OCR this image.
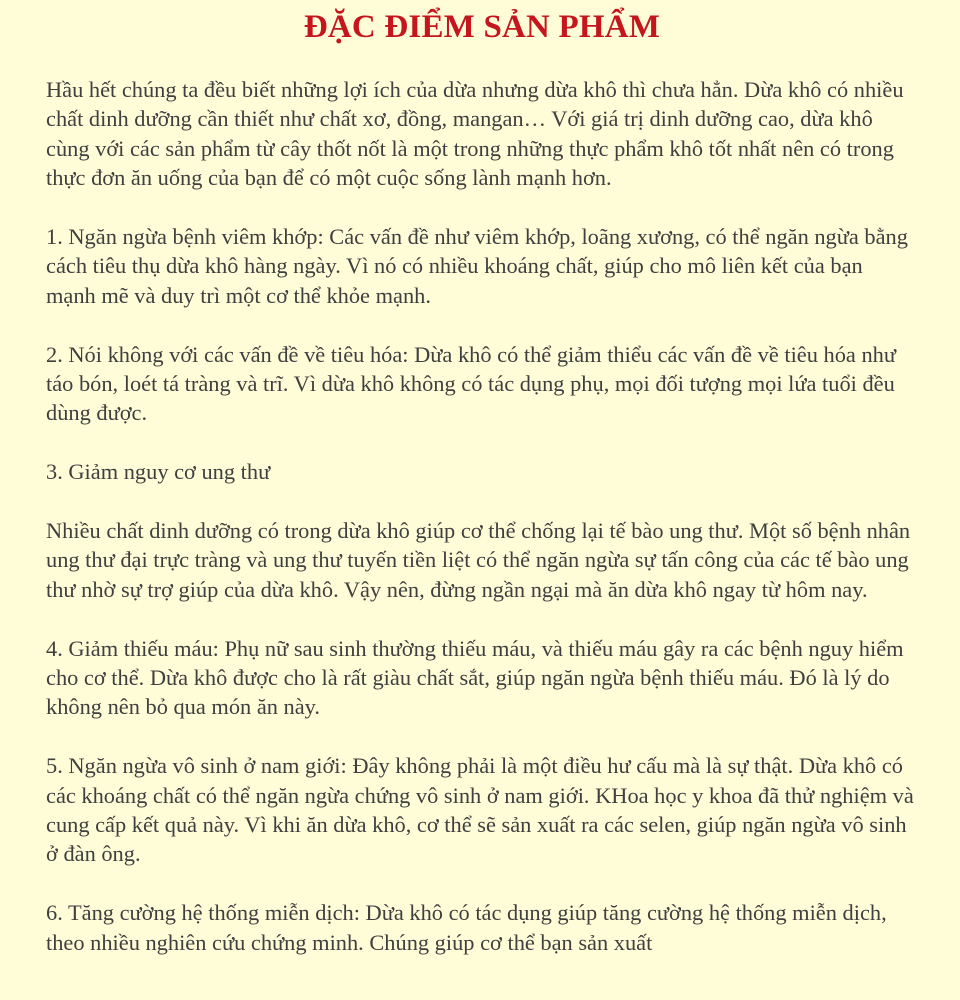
ĐẶC ĐIỂM SẢN PHẨM

Hầu hết chúng ta đều biết những lợi ích của dừa nhưng dừa khô thì chưa hẳn. Dừa khô có nhiều chất dinh dưỡng cần thiết như chất xơ, đồng, mangan… Với giá trị dinh dưỡng cao, dừa khô cùng với các sản phẩm từ cây thốt nốt là một trong những thực phẩm khô tốt nhất nên có trong thực đơn ăn uống của bạn để có một cuộc sống lành mạnh hơn.

1. Ngăn ngừa bệnh viêm khớp: Các vấn đề như viêm khớp, loãng xương, có thể ngăn ngừa bằng cách tiêu thụ dừa khô hàng ngày. Vì nó có nhiều khoáng chất, giúp cho mô liên kết của bạn mạnh mẽ và duy trì một cơ thể khỏe mạnh.

2. Nói không với các vấn đề về tiêu hóa: Dừa khô có thể giảm thiểu các vấn đề về tiêu hóa như táo bón, loét tá tràng và trĩ. Vì dừa khô không có tác dụng phụ, mọi đối tượng mọi lứa tuổi đều dùng được.

3. Giảm nguy cơ ung thư

Nhiều chất dinh dưỡng có trong dừa khô giúp cơ thể chống lại tế bào ung thư. Một số bệnh nhân ung thư đại trực tràng và ung thư tuyến tiền liệt có thể ngăn ngừa sự tấn công của các tế bào ung thư nhờ sự trợ giúp của dừa khô. Vậy nên, đừng ngần ngại mà ăn dừa khô ngay từ hôm nay.

4. Giảm thiếu máu: Phụ nữ sau sinh thường thiếu máu, và thiếu máu gây ra các bệnh nguy hiểm cho cơ thể. Dừa khô được cho là rất giàu chất sắt, giúp ngăn ngừa bệnh thiếu máu. Đó là lý do không nên bỏ qua món ăn này.

5. Ngăn ngừa vô sinh ở nam giới: Đây không phải là một điều hư cấu mà là sự thật. Dừa khô có các khoáng chất có thể ngăn ngừa chứng vô sinh ở nam giới. KHoa học y khoa đã thử nghiệm và cung cấp kết quả này. Vì khi ăn dừa khô, cơ thể sẽ sản xuất ra các selen, giúp ngăn ngừa vô sinh ở đàn ông.

6. Tăng cường hệ thống miễn dịch: Dừa khô có tác dụng giúp tăng cường hệ thống miễn dịch, theo nhiều nghiên cứu chứng minh. Chúng giúp cơ thể bạn sản xuất
